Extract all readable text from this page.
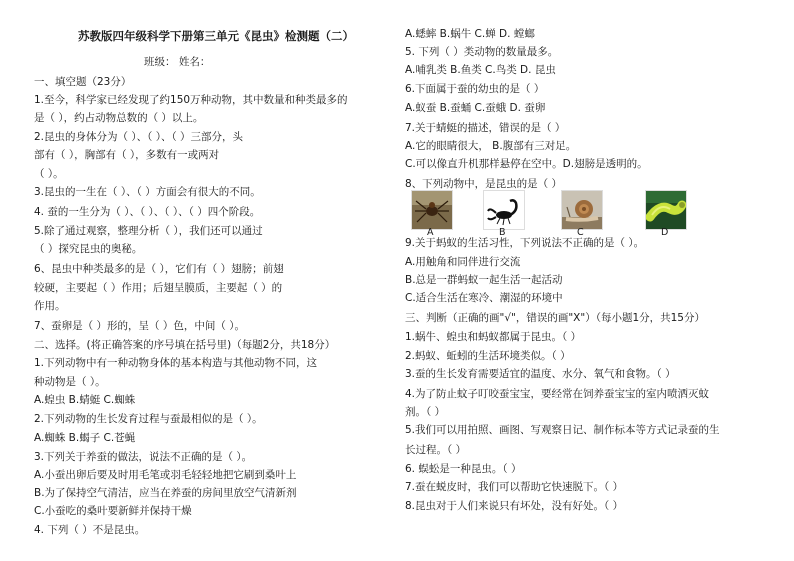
苏教版四年级科学下册第三单元《昆虫》检测题（二）
班级： 姓名：
一、填空题（23分）
1.至今，科学家已经发现了约150万种动物，其中数量和种类最多的
是（ ），约占动物总数的（ ）以上。
2.昆虫的身体分为（ ）、（ ）、（ ）三部分，头
部有（ ），胸部有（ ），多数有一或两对
（ ）。
3.昆虫的一生在（ ）、（ ）方面会有很大的不同。
4. 蚕的一生分为（ ）、（ ）、（ ）、（ ）四个阶段。
5.除了通过观察，整理分析（ ），我们还可以通过
（ ）探究昆虫的奥秘。
6、昆虫中种类最多的是（ ），它们有（ ）翅膀；前翅
较硬，主要起（ ）作用；后翅呈膜质，主要起（ ）的
作用。
7、蚕卵是（ ）形的，呈（ ）色，中间（ ）。
二、选择。(将正确答案的序号填在括号里)（每题2分，共18分）
1.下列动物中有一种动物身体的基本构造与其他动物不同，这
种动物是（ ）。
A.蝗虫 B.蜻蜓 C.蜘蛛
2.下列动物的生长发育过程与蚕最相似的是（ ）。
A.蜘蛛 B.蝎子 C.苍蝇
3.下列关于养蚕的做法，说法不正确的是（ ）。
A.小蚕出卵后要及时用毛笔或羽毛轻轻地把它刷到桑叶上
B.为了保持空气清洁，应当在养蚕的房间里放空气清新剂
C.小蚕吃的桑叶要新鲜并保持干燥
4. 下列（ ）不是昆虫。
A	B	C	D
A.蟋蟀 B.蜗牛 C.蝉 D. 螳螂
5. 下列（ ）类动物的数量最多。
A.哺乳类 B.鱼类 C.鸟类 D. 昆虫
6.下面属于蚕的幼虫的是（ ）
A.蚁蚕 B.蚕蛹 C.蚕蛾 D. 蚕卵
7.关于蜻蜓的描述，错误的是（ ）
A.它的眼睛很大， B.腹部有三对足。
C.可以像直升机那样悬停在空中。D.翅膀是透明的。
8、下列动物中，是昆虫的是（ ）
9.关于蚂蚁的生活习性，下列说法不正确的是（ ）。
A.用触角和同伴进行交流
B.总是一群蚂蚁一起生活一起活动
C.适合生活在寒冷、潮湿的环境中
三、判断（正确的画"√"，错误的画"X"）（每小题1分，共15分）
1.蜗牛、蝗虫和蚂蚁都属于昆虫。（ ）
2.蚂蚁、蚯蚓的生活环境类似。（ ）
3.蚕的生长发育需要适宜的温度、水分、氧气和食物。（ ）
4.为了防止蚊子叮咬蚕宝宝，要经常在饲养蚕宝宝的室内喷洒灭蚊
剂。（ ）
5.我们可以用拍照、画图、写观察日记、制作标本等方式记录蚕的生
长过程。（ ）
6. 蜈蚣是一种昆虫。（ ）
7.蚕在蜕皮时，我们可以帮助它快速脱下。（ ）
8.昆虫对于人们来说只有坏处，没有好处。（ ）
